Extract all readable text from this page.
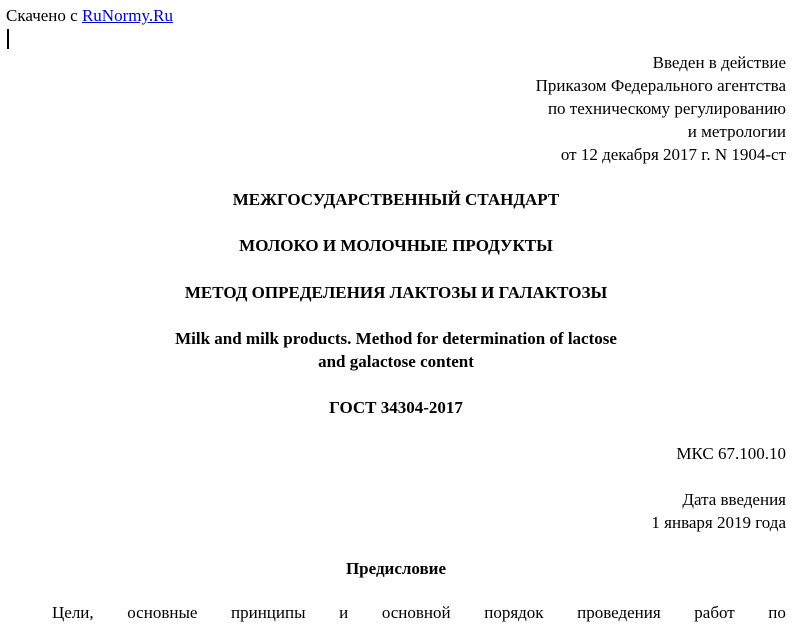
Скачено с RuNormy.Ru
Введен в действие
Приказом Федерального агентства
по техническому регулированию
и метрологии
от 12 декабря 2017 г. N 1904-ст
МЕЖГОСУДАРСТВЕННЫЙ СТАНДАРТ
МОЛОКО И МОЛОЧНЫЕ ПРОДУКТЫ
МЕТОД ОПРЕДЕЛЕНИЯ ЛАКТОЗЫ И ГАЛАКТОЗЫ
Milk and milk products. Method for determination of lactose
and galactose content
ГОСТ 34304-2017
МКС 67.100.10
Дата введения
1 января 2019 года
Предисловие
Цели, основные принципы и основной порядок проведения работ по
